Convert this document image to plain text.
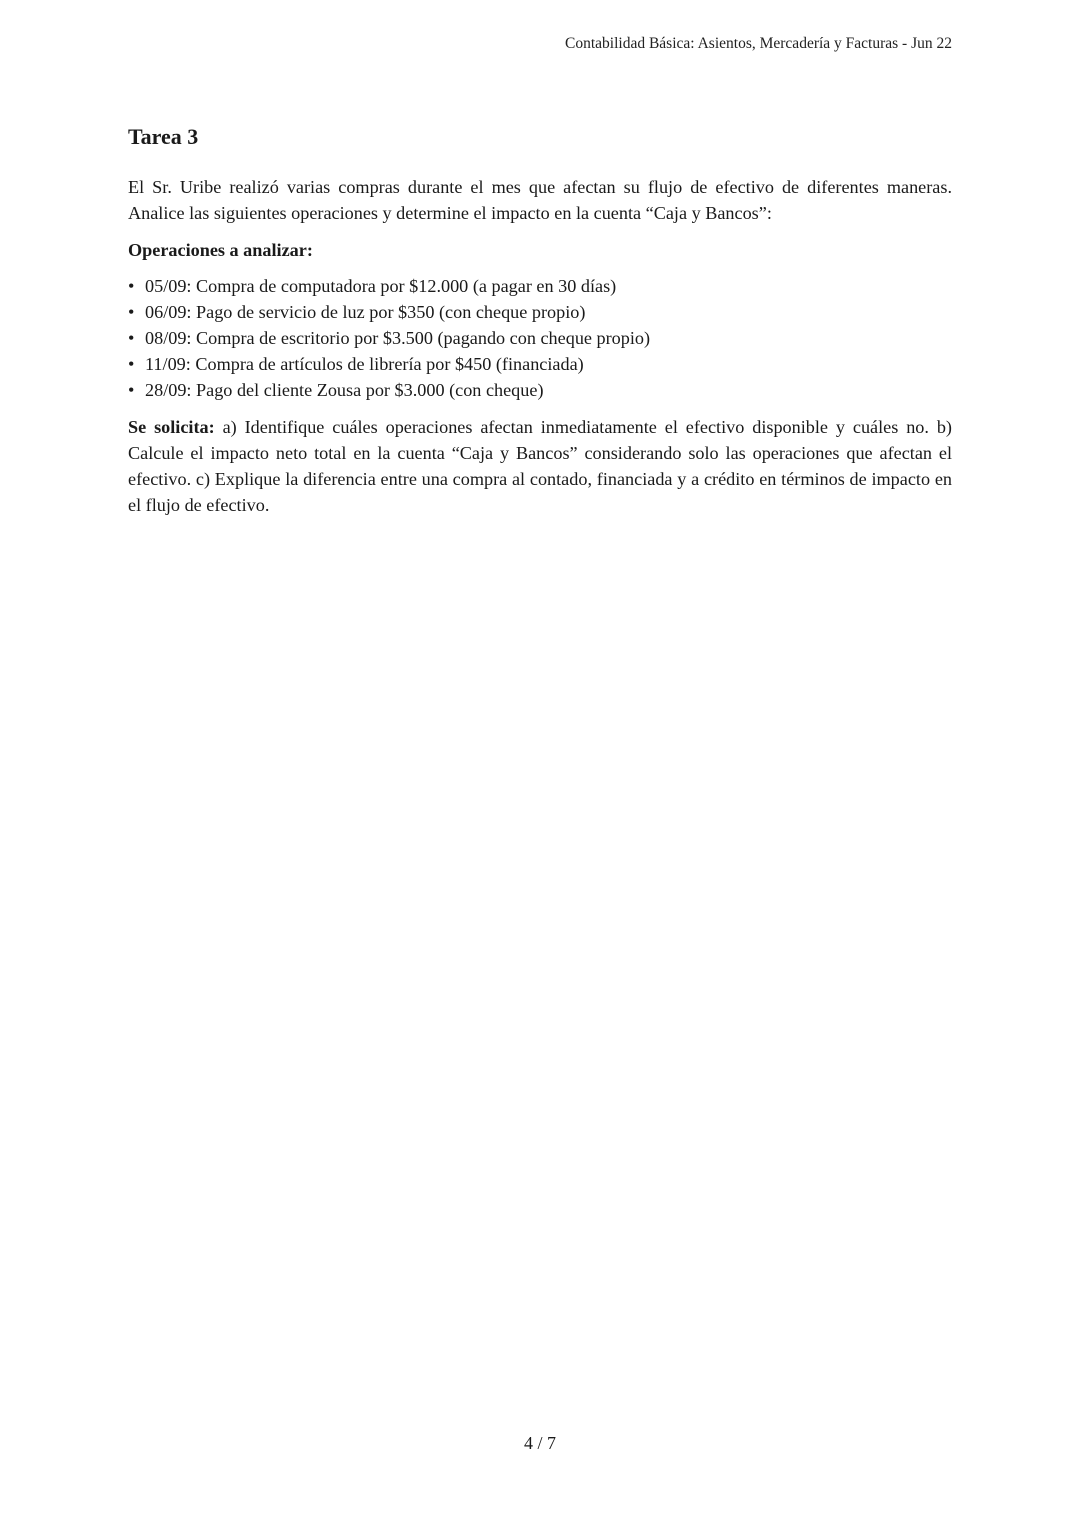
Contabilidad Básica: Asientos, Mercadería y Facturas - Jun 22
Tarea 3

El Sr. Uribe realizó varias compras durante el mes que afectan su flujo de efectivo de diferentes maneras. Analice las siguientes operaciones y determine el impacto en la cuenta “Caja y Bancos”:

Operaciones a analizar:

• 05/09: Compra de computadora por $12.000 (a pagar en 30 días)
• 06/09: Pago de servicio de luz por $350 (con cheque propio)
• 08/09: Compra de escritorio por $3.500 (pagando con cheque propio)
• 11/09: Compra de artículos de librería por $450 (financiada)
• 28/09: Pago del cliente Zousa por $3.000 (con cheque)

Se solicita: a) Identifique cuáles operaciones afectan inmediatamente el efectivo disponible y cuáles no. b) Calcule el impacto neto total en la cuenta “Caja y Bancos” considerando solo las operaciones que afectan el efectivo. c) Explique la diferencia entre una compra al contado, financiada y a crédito en términos de impacto en el flujo de efectivo.

4 / 7
